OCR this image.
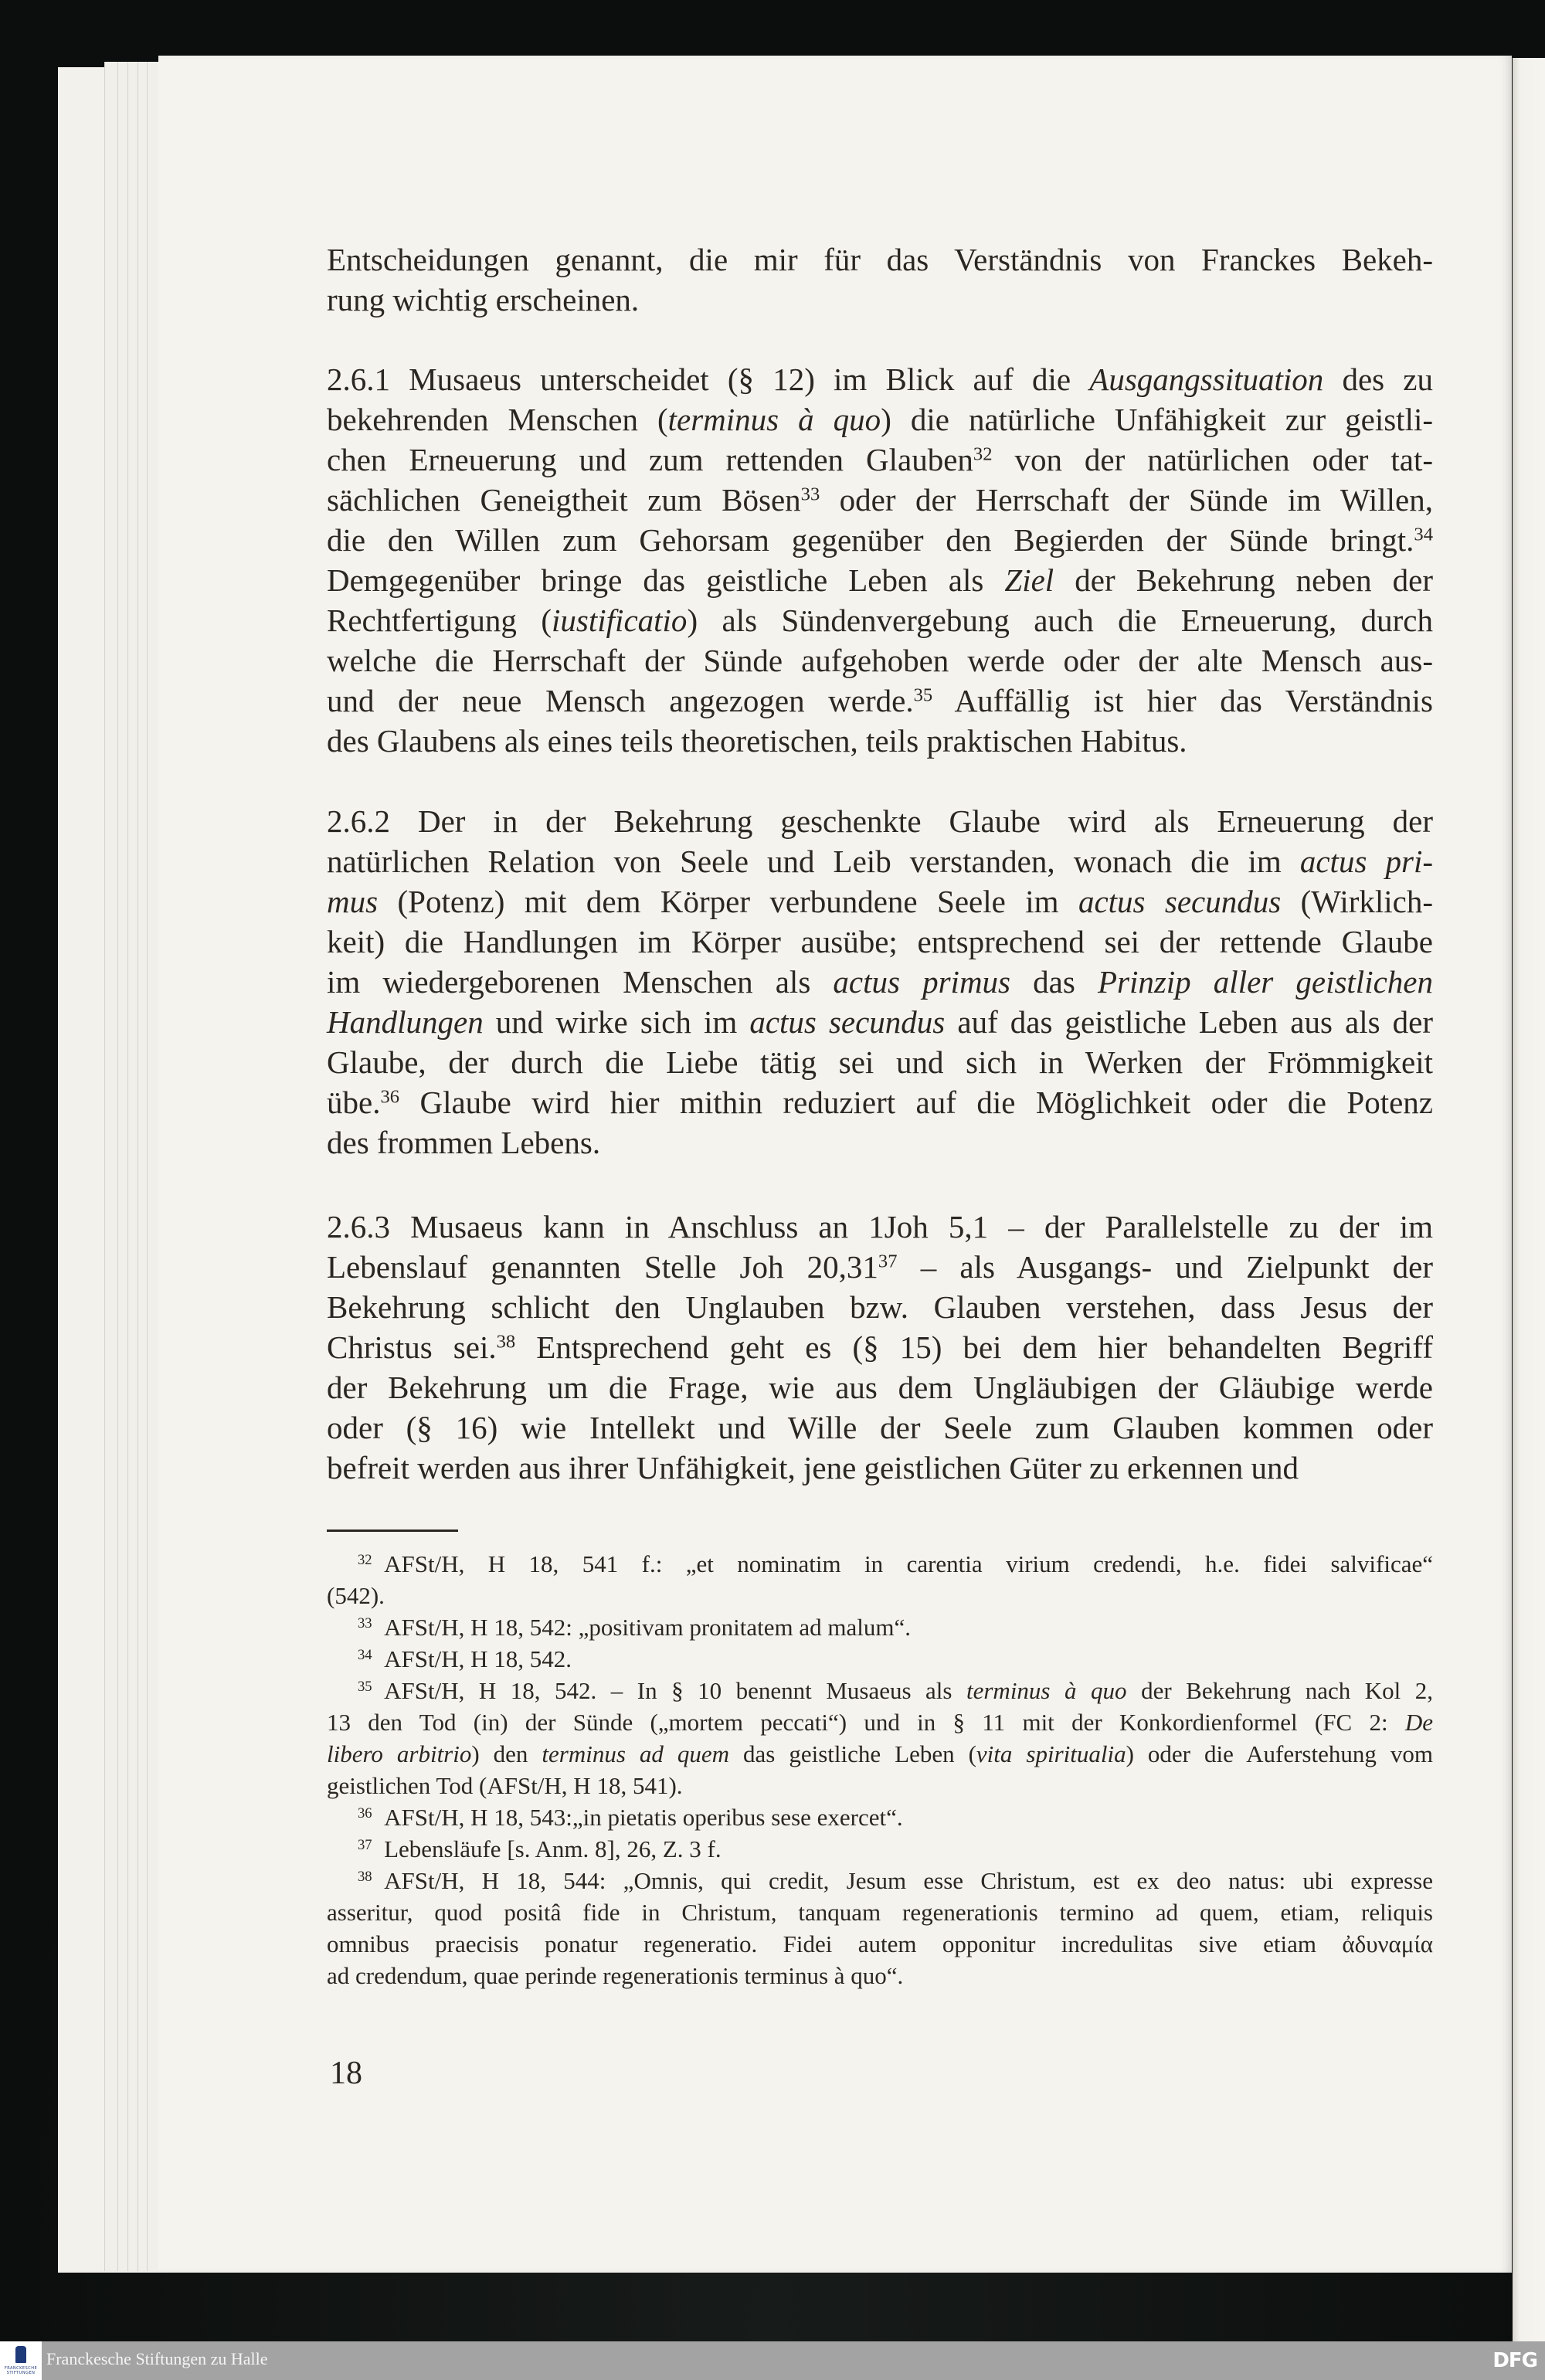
Entscheidungen genannt, die mir für das Verständnis von Franckes Bekeh-
rung wichtig erscheinen.
2.6.1 Musaeus unterscheidet (§ 12) im Blick auf die Ausgangssituation des zu
bekehrenden Menschen (terminus à quo) die natürliche Unfähigkeit zur geistli-
chen Erneuerung und zum rettenden Glauben$^{32}$ von der natürlichen oder tat-
sächlichen Geneigtheit zum Bösen$^{33}$ oder der Herrschaft der Sünde im Willen,
die den Willen zum Gehorsam gegenüber den Begierden der Sünde bringt.$^{34}$
Demgegenüber bringe das geistliche Leben als Ziel der Bekehrung neben der
Rechtfertigung (iustificatio) als Sündenvergebung auch die Erneuerung, durch
welche die Herrschaft der Sünde aufgehoben werde oder der alte Mensch aus-
und der neue Mensch angezogen werde.$^{35}$ Auffällig ist hier das Verständnis
des Glaubens als eines teils theoretischen, teils praktischen Habitus.
2.6.2 Der in der Bekehrung geschenkte Glaube wird als Erneuerung der
natürlichen Relation von Seele und Leib verstanden, wonach die im actus pri-
mus (Potenz) mit dem Körper verbundene Seele im actus secundus (Wirklich-
keit) die Handlungen im Körper ausübe; entsprechend sei der rettende Glaube
im wiedergeborenen Menschen als actus primus das Prinzip aller geistlichen
Handlungen und wirke sich im actus secundus auf das geistliche Leben aus als der
Glaube, der durch die Liebe tätig sei und sich in Werken der Frömmigkeit
übe.$^{36}$ Glaube wird hier mithin reduziert auf die Möglichkeit oder die Potenz
des frommen Lebens.
2.6.3 Musaeus kann in Anschluss an 1Joh 5,1 – der Parallelstelle zu der im
Lebenslauf genannten Stelle Joh 20,31$^{37}$ – als Ausgangs- und Zielpunkt der
Bekehrung schlicht den Unglauben bzw. Glauben verstehen, dass Jesus der
Christus sei.$^{38}$ Entsprechend geht es (§ 15) bei dem hier behandelten Begriff
der Bekehrung um die Frage, wie aus dem Ungläubigen der Gläubige werde
oder (§ 16) wie Intellekt und Wille der Seele zum Glauben kommen oder
befreit werden aus ihrer Unfähigkeit, jene geistlichen Güter zu erkennen und
$^{32}$  AFSt/H, H 18, 541 f.: „et nominatim in carentia virium credendi, h.e. fidei salvificae“
(542).
$^{33}$  AFSt/H, H 18, 542: „positivam pronitatem ad malum“.
$^{34}$  AFSt/H, H 18, 542.
$^{35}$  AFSt/H, H 18, 542. – In § 10 benennt Musaeus als terminus à quo der Bekehrung nach Kol 2,
13 den Tod (in) der Sünde („mortem peccati“) und in § 11 mit der Konkordienformel (FC 2: De
libero arbitrio) den terminus ad quem das geistliche Leben (vita spiritualia) oder die Auferstehung vom
geistlichen Tod (AFSt/H, H 18, 541).
$^{36}$  AFSt/H, H 18, 543:„in pietatis operibus sese exercet“.
$^{37}$  Lebensläufe [s. Anm. 8], 26, Z. 3 f.
$^{38}$  AFSt/H, H 18, 544: „Omnis, qui credit, Jesum esse Christum, est ex deo natus: ubi expresse
asseritur, quod positâ fide in Christum, tanquam regenerationis termino ad quem, etiam, reliquis
omnibus praecisis ponatur regeneratio. Fidei autem opponitur incredulitas sive etiam ἀδυναμία
ad credendum, quae perinde regenerationis terminus à quo“.
18
FRANCKESCHE STIFTUNGEN
Franckesche Stiftungen zu Halle	DFG
